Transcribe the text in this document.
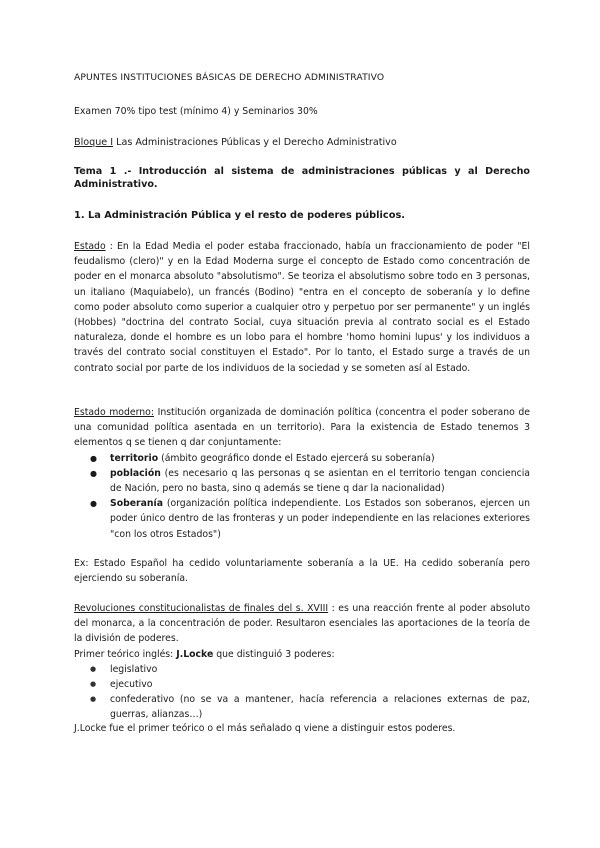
APUNTES INSTITUCIONES BÁSICAS DE DERECHO ADMINISTRATIVO
Examen 70% tipo test (mínimo 4) y Seminarios 30%
Bloque I Las Administraciones Públicas y el Derecho Administrativo
Tema 1 .- Introducción al sistema de administraciones públicas y al Derecho Administrativo.
1. La Administración Pública y el resto de poderes públicos.
Estado : En la Edad Media el poder estaba fraccionado, había un fraccionamiento de poder "El feudalismo (clero)" y en la Edad Moderna surge el concepto de Estado como concentración de poder en el monarca absoluto "absolutismo". Se teoriza el absolutismo sobre todo en 3 personas, un italiano (Maquiabelo), un francés (Bodino) "entra en el concepto de soberanía y lo define como poder absoluto como superior a cualquier otro y perpetuo por ser permanente" y un inglés (Hobbes) "doctrina del contrato Social, cuya situación previa al contrato social es el Estado naturaleza, donde el hombre es un lobo para el hombre 'homo homini lupus' y los individuos a través del contrato social constituyen el Estado". Por lo tanto, el Estado surge a través de un contrato social por parte de los individuos de la sociedad y se someten así al Estado.
Estado moderno: Institución organizada de dominación política (concentra el poder soberano de una comunidad política asentada en un territorio). Para la existencia de Estado tenemos 3 elementos q se tienen q dar conjuntamente:
● territorio (ámbito geográfico donde el Estado ejercerá su soberanía)
● población (es necesario q las personas q se asientan en el territorio tengan conciencia de Nación, pero no basta, sino q además se tiene q dar la nacionalidad)
● Soberanía (organización política independiente. Los Estados son soberanos, ejercen un poder único dentro de las fronteras y un poder independiente en las relaciones exteriores "con los otros Estados")
Ex: Estado Español ha cedido voluntariamente soberanía a la UE. Ha cedido soberanía pero ejerciendo su soberanía.
Revoluciones constitucionalistas de finales del s. XVIII : es una reacción frente al poder absoluto del monarca, a la concentración de poder. Resultaron esenciales las aportaciones de la teoría de la división de poderes.
Primer teórico inglés: J.Locke que distinguió 3 poderes:
● legislativo
● ejecutivo
● confederativo (no se va a mantener, hacía referencia a relaciones externas de paz, guerras, alianzas…)
J.Locke fue el primer teórico o el más señalado q viene a distinguir estos poderes.
